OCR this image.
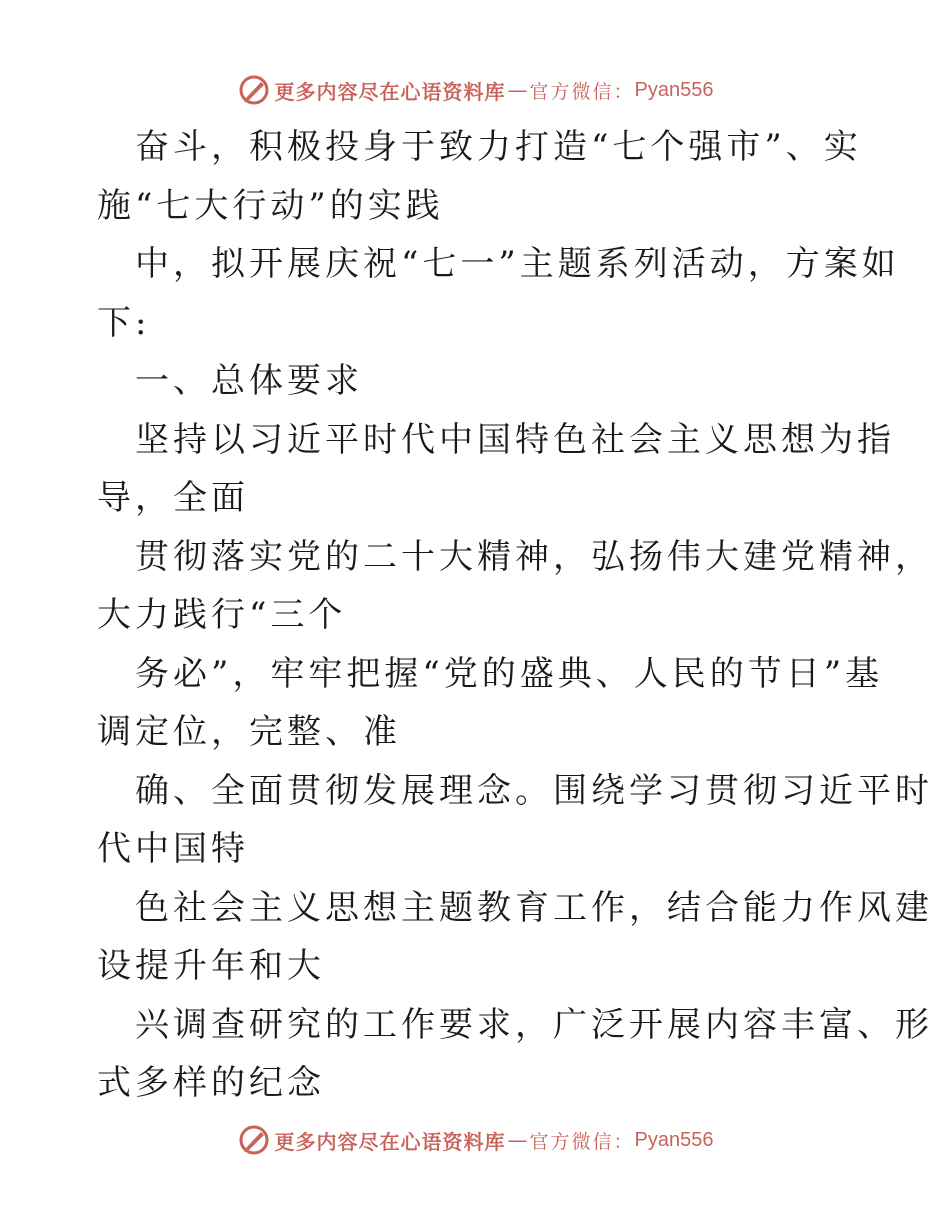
更多内容尽在心语资料库 — 官方微信： Pyan556
奋斗，积极投身于致力打造“七个强市”、实
施“七大行动”的实践
中，拟开展庆祝“七一”主题系列活动，方案如
下:
一、总体要求
坚持以习近平时代中国特色社会主义思想为指
导，全面
贯彻落实党的二十大精神，弘扬伟大建党精神，
大力践行“三个
务必”，牢牢把握“党的盛典、人民的节日”基
调定位，完整、准
确、全面贯彻发展理念。围绕学习贯彻习近平时
代中国特
色社会主义思想主题教育工作，结合能力作风建
设提升年和大
兴调查研究的工作要求，广泛开展内容丰富、形
式多样的纪念
更多内容尽在心语资料库 — 官方微信： Pyan556
